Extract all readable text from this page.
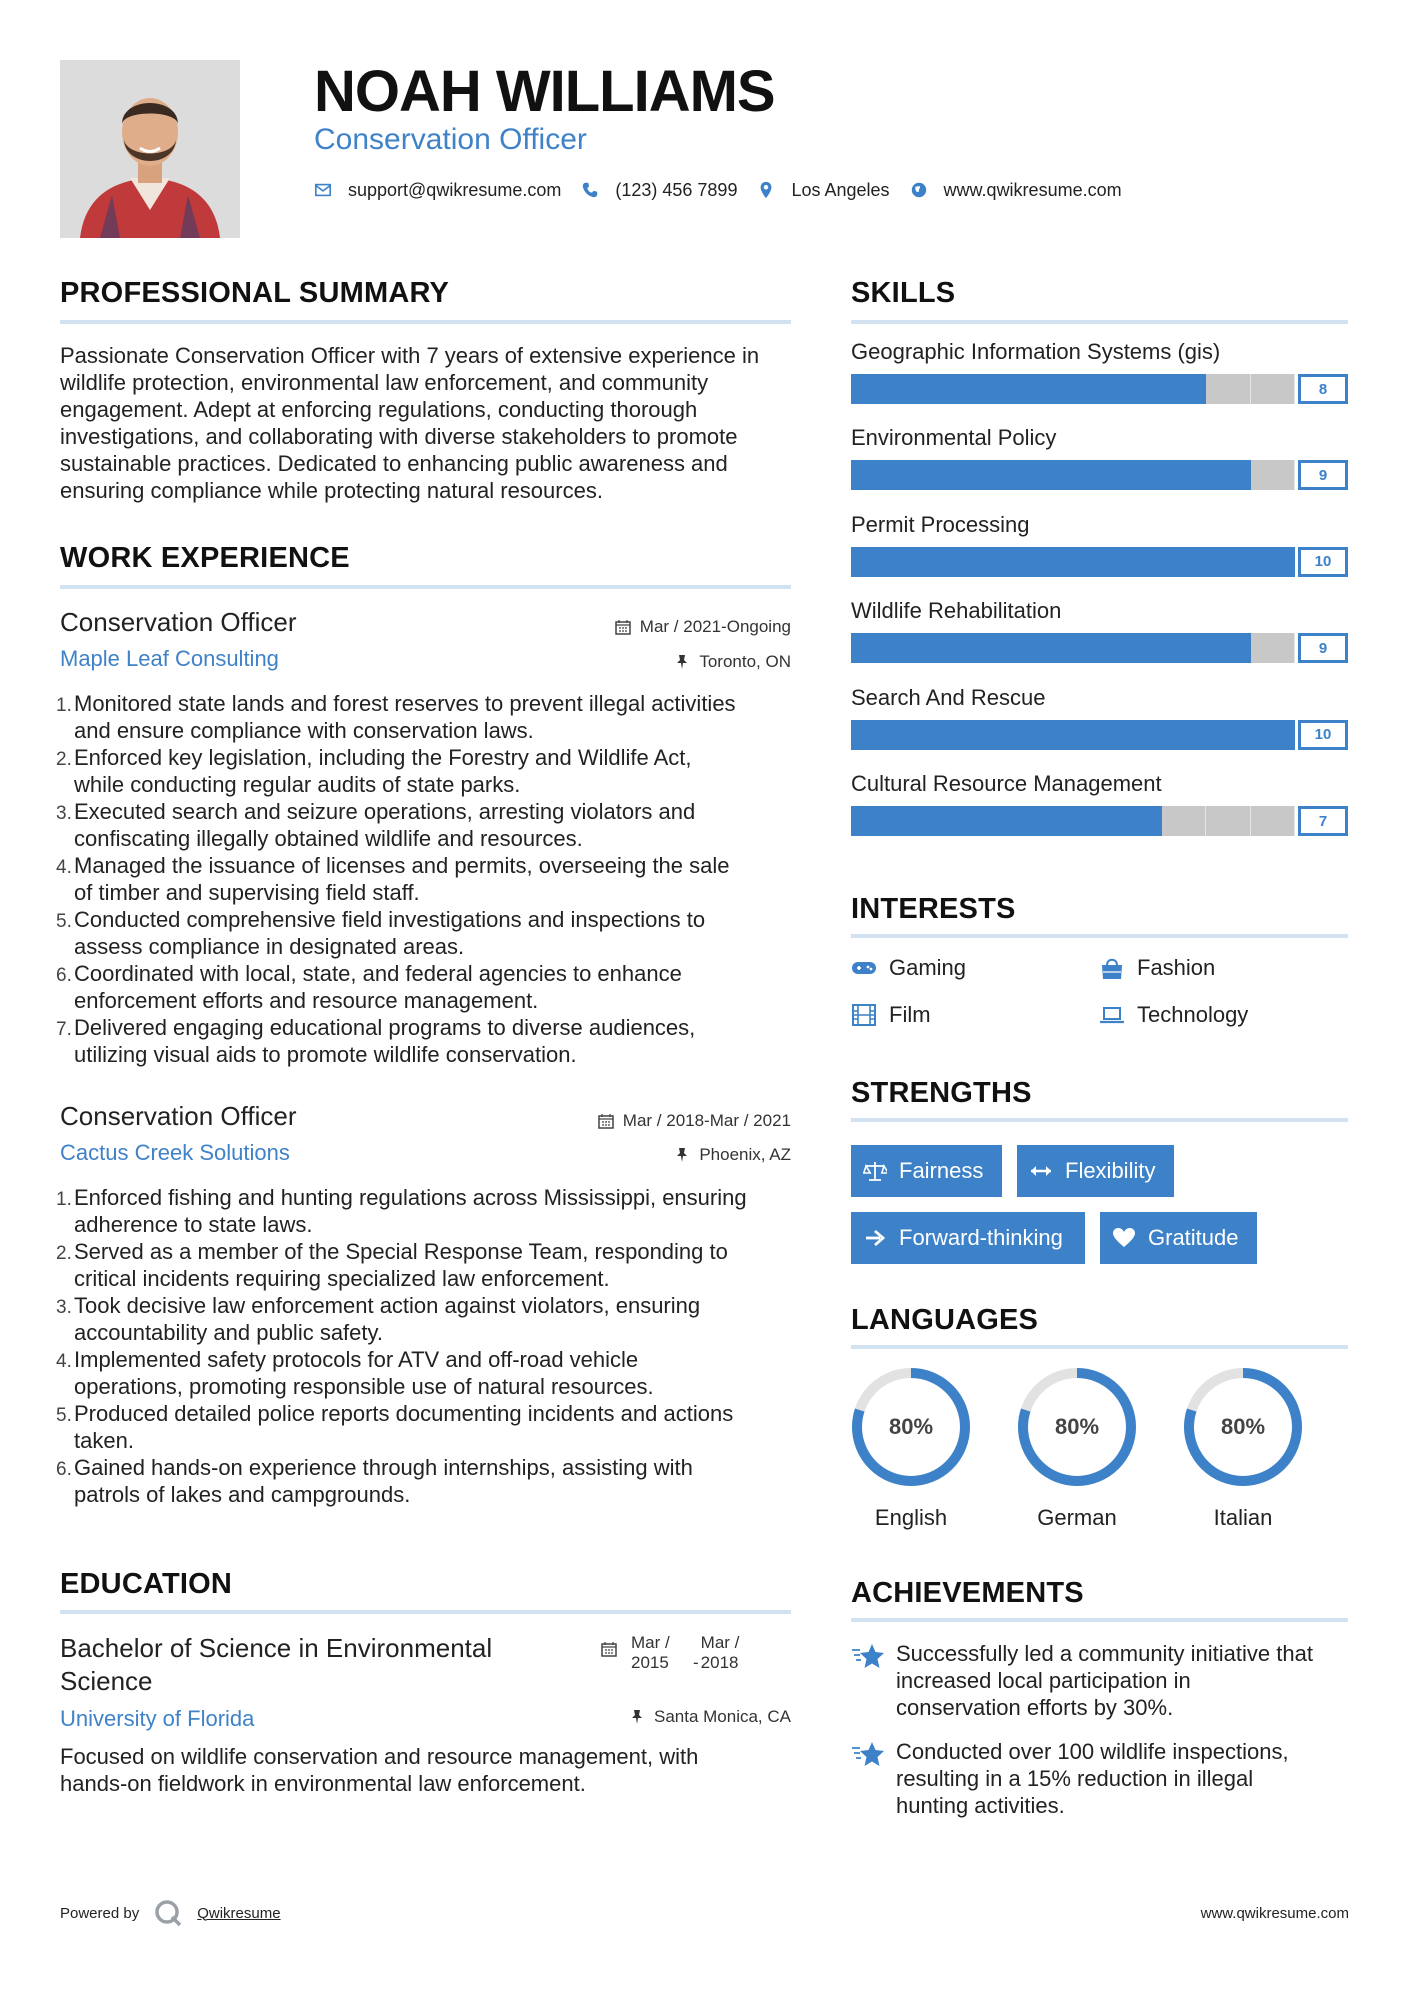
NOAH WILLIAMS
Conservation Officer
support@qwikresume.com	(123) 456 7899	Los Angeles	www.qwikresume.com
PROFESSIONAL SUMMARY
Passionate Conservation Officer with 7 years of extensive experience in
wildlife protection, environmental law enforcement, and community
engagement. Adept at enforcing regulations, conducting thorough
investigations, and collaborating with diverse stakeholders to promote
sustainable practices. Dedicated to enhancing public awareness and
ensuring compliance while protecting natural resources.
WORK EXPERIENCE
Conservation Officer
Maple Leaf Consulting
Mar / 2021-Ongoing
Toronto, ON
1. Monitored state lands and forest reserves to prevent illegal activities
and ensure compliance with conservation laws.
2. Enforced key legislation, including the Forestry and Wildlife Act,
while conducting regular audits of state parks.
3. Executed search and seizure operations, arresting violators and
confiscating illegally obtained wildlife and resources.
4. Managed the issuance of licenses and permits, overseeing the sale
of timber and supervising field staff.
5. Conducted comprehensive field investigations and inspections to
assess compliance in designated areas.
6. Coordinated with local, state, and federal agencies to enhance
enforcement efforts and resource management.
7. Delivered engaging educational programs to diverse audiences,
utilizing visual aids to promote wildlife conservation.
Conservation Officer
Cactus Creek Solutions
Mar / 2018-Mar / 2021
Phoenix, AZ
1. Enforced fishing and hunting regulations across Mississippi, ensuring
adherence to state laws.
2. Served as a member of the Special Response Team, responding to
critical incidents requiring specialized law enforcement.
3. Took decisive law enforcement action against violators, ensuring
accountability and public safety.
4. Implemented safety protocols for ATV and off-road vehicle
operations, promoting responsible use of natural resources.
5. Produced detailed police reports documenting incidents and actions
taken.
6. Gained hands-on experience through internships, assisting with
patrols of lakes and campgrounds.
EDUCATION
Bachelor of Science in Environmental
Science
Mar /
2015	-
Mar /
2018
University of Florida	Santa Monica, CA
Focused on wildlife conservation and resource management, with
hands-on fieldwork in environmental law enforcement.
SKILLS
Geographic Information Systems (gis)
8
Environmental Policy
9
Permit Processing
10
Wildlife Rehabilitation
9
Search And Rescue
10
Cultural Resource Management
7
INTERESTS
Gaming	Fashion
Film	Technology
STRENGTHS
Fairness	Flexibility
Forward-thinking	Gratitude
LANGUAGES
80%
English
80%
German
80%
Italian
ACHIEVEMENTS
Successfully led a community initiative that
increased local participation in
conservation efforts by 30%.
Conducted over 100 wildlife inspections,
resulting in a 15% reduction in illegal
hunting activities.
Powered by	Qwikresume	www.qwikresume.com
